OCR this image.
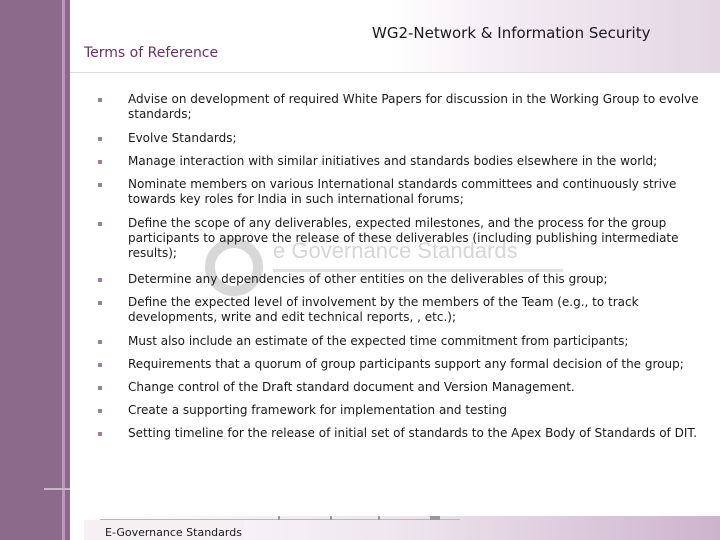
WG2-Network & Information Security
Terms of Reference
e Governance Standards
Advise on development of required White Papers for discussion in the Working Group to evolve standards;
Evolve Standards;
Manage interaction with similar initiatives and standards bodies elsewhere in the world;
Nominate members on various International standards committees and continuously strive towards key roles for India in such international forums;
Define the scope of any deliverables, expected milestones, and the process for the group participants to approve the release of these deliverables (including publishing intermediate results);
Determine any dependencies of other entities on the deliverables of this group;
Define the expected level of involvement by the members of the Team (e.g., to track developments, write and edit technical reports, , etc.);
Must also include an estimate of the expected time commitment from participants;
Requirements that a quorum of group participants support any formal decision of the group;
Change control of the Draft standard document and Version Management.
Create a supporting framework for implementation and testing
Setting timeline for the release of initial set of standards to the Apex Body of Standards of DIT.
E-Governance Standards
